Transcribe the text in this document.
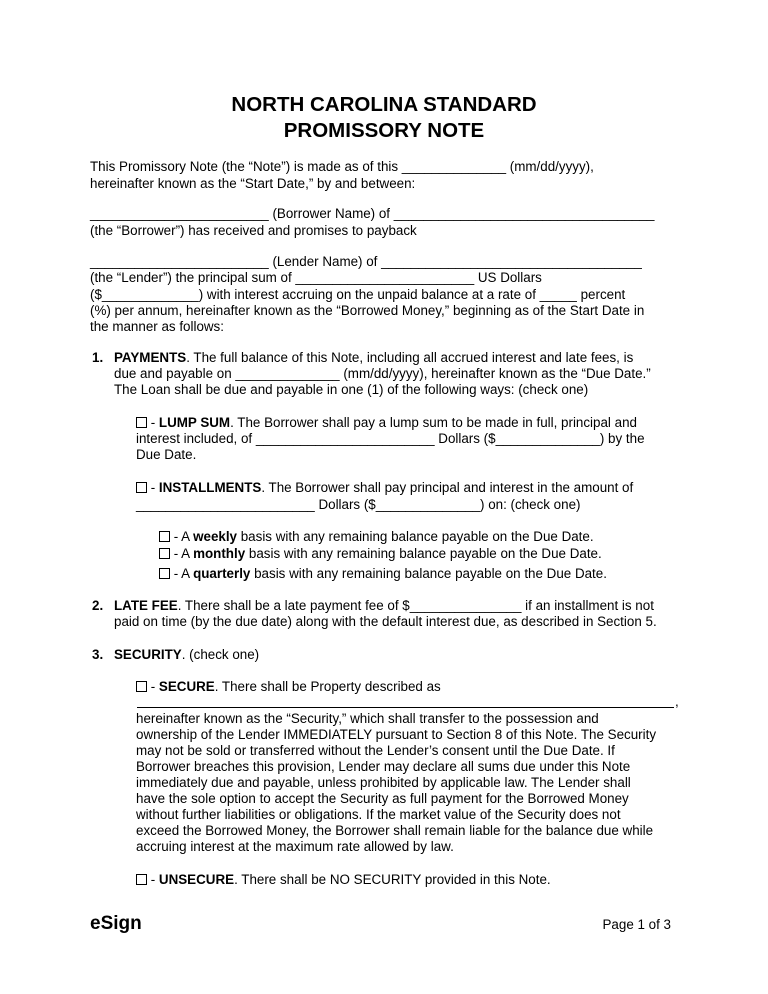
NORTH CAROLINA STANDARD
PROMISSORY NOTE
This Promissory Note (the “Note”) is made as of this ______________ (mm/dd/yyyy),
hereinafter known as the “Start Date,” by and between:
________________________ (Borrower Name) of ___________________________________
(the “Borrower”) has received and promises to payback
________________________ (Lender Name) of ___________________________________
(the “Lender”) the principal sum of ________________________ US Dollars
($_____________) with interest accruing on the unpaid balance at a rate of _____ percent
(%) per annum, hereinafter known as the “Borrowed Money,” beginning as of the Start Date in
the manner as follows:
1. PAYMENTS. The full balance of this Note, including all accrued interest and late fees, is
due and payable on ______________ (mm/dd/yyyy), hereinafter known as the “Due Date.”
The Loan shall be due and payable in one (1) of the following ways: (check one)
- LUMP SUM. The Borrower shall pay a lump sum to be made in full, principal and
interest included, of ________________________ Dollars ($______________) by the
Due Date.
- INSTALLMENTS. The Borrower shall pay principal and interest in the amount of
________________________ Dollars ($______________) on: (check one)
- A weekly basis with any remaining balance payable on the Due Date.
- A monthly basis with any remaining balance payable on the Due Date.
- A quarterly basis with any remaining balance payable on the Due Date.
2. LATE FEE. There shall be a late payment fee of $_______________ if an installment is not
paid on time (by the due date) along with the default interest due, as described in Section 5.
3. SECURITY. (check one)
- SECURE. There shall be Property described as
,
hereinafter known as the “Security,” which shall transfer to the possession and
ownership of the Lender IMMEDIATELY pursuant to Section 8 of this Note. The Security
may not be sold or transferred without the Lender’s consent until the Due Date. If
Borrower breaches this provision, Lender may declare all sums due under this Note
immediately due and payable, unless prohibited by applicable law. The Lender shall
have the sole option to accept the Security as full payment for the Borrowed Money
without further liabilities or obligations. If the market value of the Security does not
exceed the Borrowed Money, the Borrower shall remain liable for the balance due while
accruing interest at the maximum rate allowed by law.
- UNSECURE. There shall be NO SECURITY provided in this Note.
eSign	Page 1 of 3
